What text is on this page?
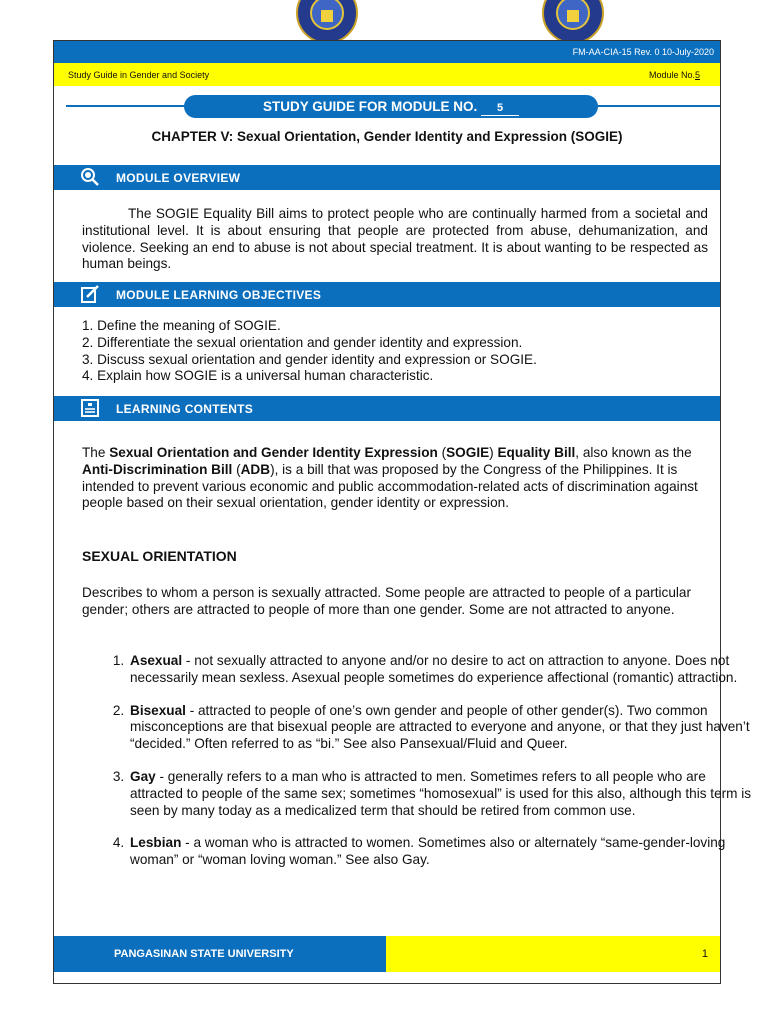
FM-AA-CIA-15 Rev. 0 10-July-2020
Study Guide in Gender and Society	Module No.5
STUDY GUIDE FOR MODULE NO. 5
CHAPTER V: Sexual Orientation, Gender Identity and Expression (SOGIE)
MODULE OVERVIEW
The SOGIE Equality Bill aims to protect people who are continually harmed from a societal and institutional level. It is about ensuring that people are protected from abuse, dehumanization, and violence. Seeking an end to abuse is not about special treatment. It is about wanting to be respected as human beings.
MODULE LEARNING OBJECTIVES
1. Define the meaning of SOGIE.
2. Differentiate the sexual orientation and gender identity and expression.
3. Discuss sexual orientation and gender identity and expression or SOGIE.
4. Explain how SOGIE is a universal human characteristic.
LEARNING CONTENTS
The Sexual Orientation and Gender Identity Expression (SOGIE) Equality Bill, also known as the Anti-Discrimination Bill (ADB), is a bill that was proposed by the Congress of the Philippines. It is intended to prevent various economic and public accommodation-related acts of discrimination against people based on their sexual orientation, gender identity or expression.
SEXUAL ORIENTATION
Describes to whom a person is sexually attracted. Some people are attracted to people of a particular gender; others are attracted to people of more than one gender. Some are not attracted to anyone.
1. Asexual - not sexually attracted to anyone and/or no desire to act on attraction to anyone. Does not necessarily mean sexless. Asexual people sometimes do experience affectional (romantic) attraction.
2. Bisexual - attracted to people of one’s own gender and people of other gender(s). Two common misconceptions are that bisexual people are attracted to everyone and anyone, or that they just haven’t “decided.” Often referred to as “bi.” See also Pansexual/Fluid and Queer.
3. Gay - generally refers to a man who is attracted to men. Sometimes refers to all people who are attracted to people of the same sex; sometimes “homosexual” is used for this also, although this term is seen by many today as a medicalized term that should be retired from common use.
4. Lesbian - a woman who is attracted to women. Sometimes also or alternately “same-gender-loving woman” or “woman loving woman.” See also Gay.
PANGASINAN STATE UNIVERSITY	1
